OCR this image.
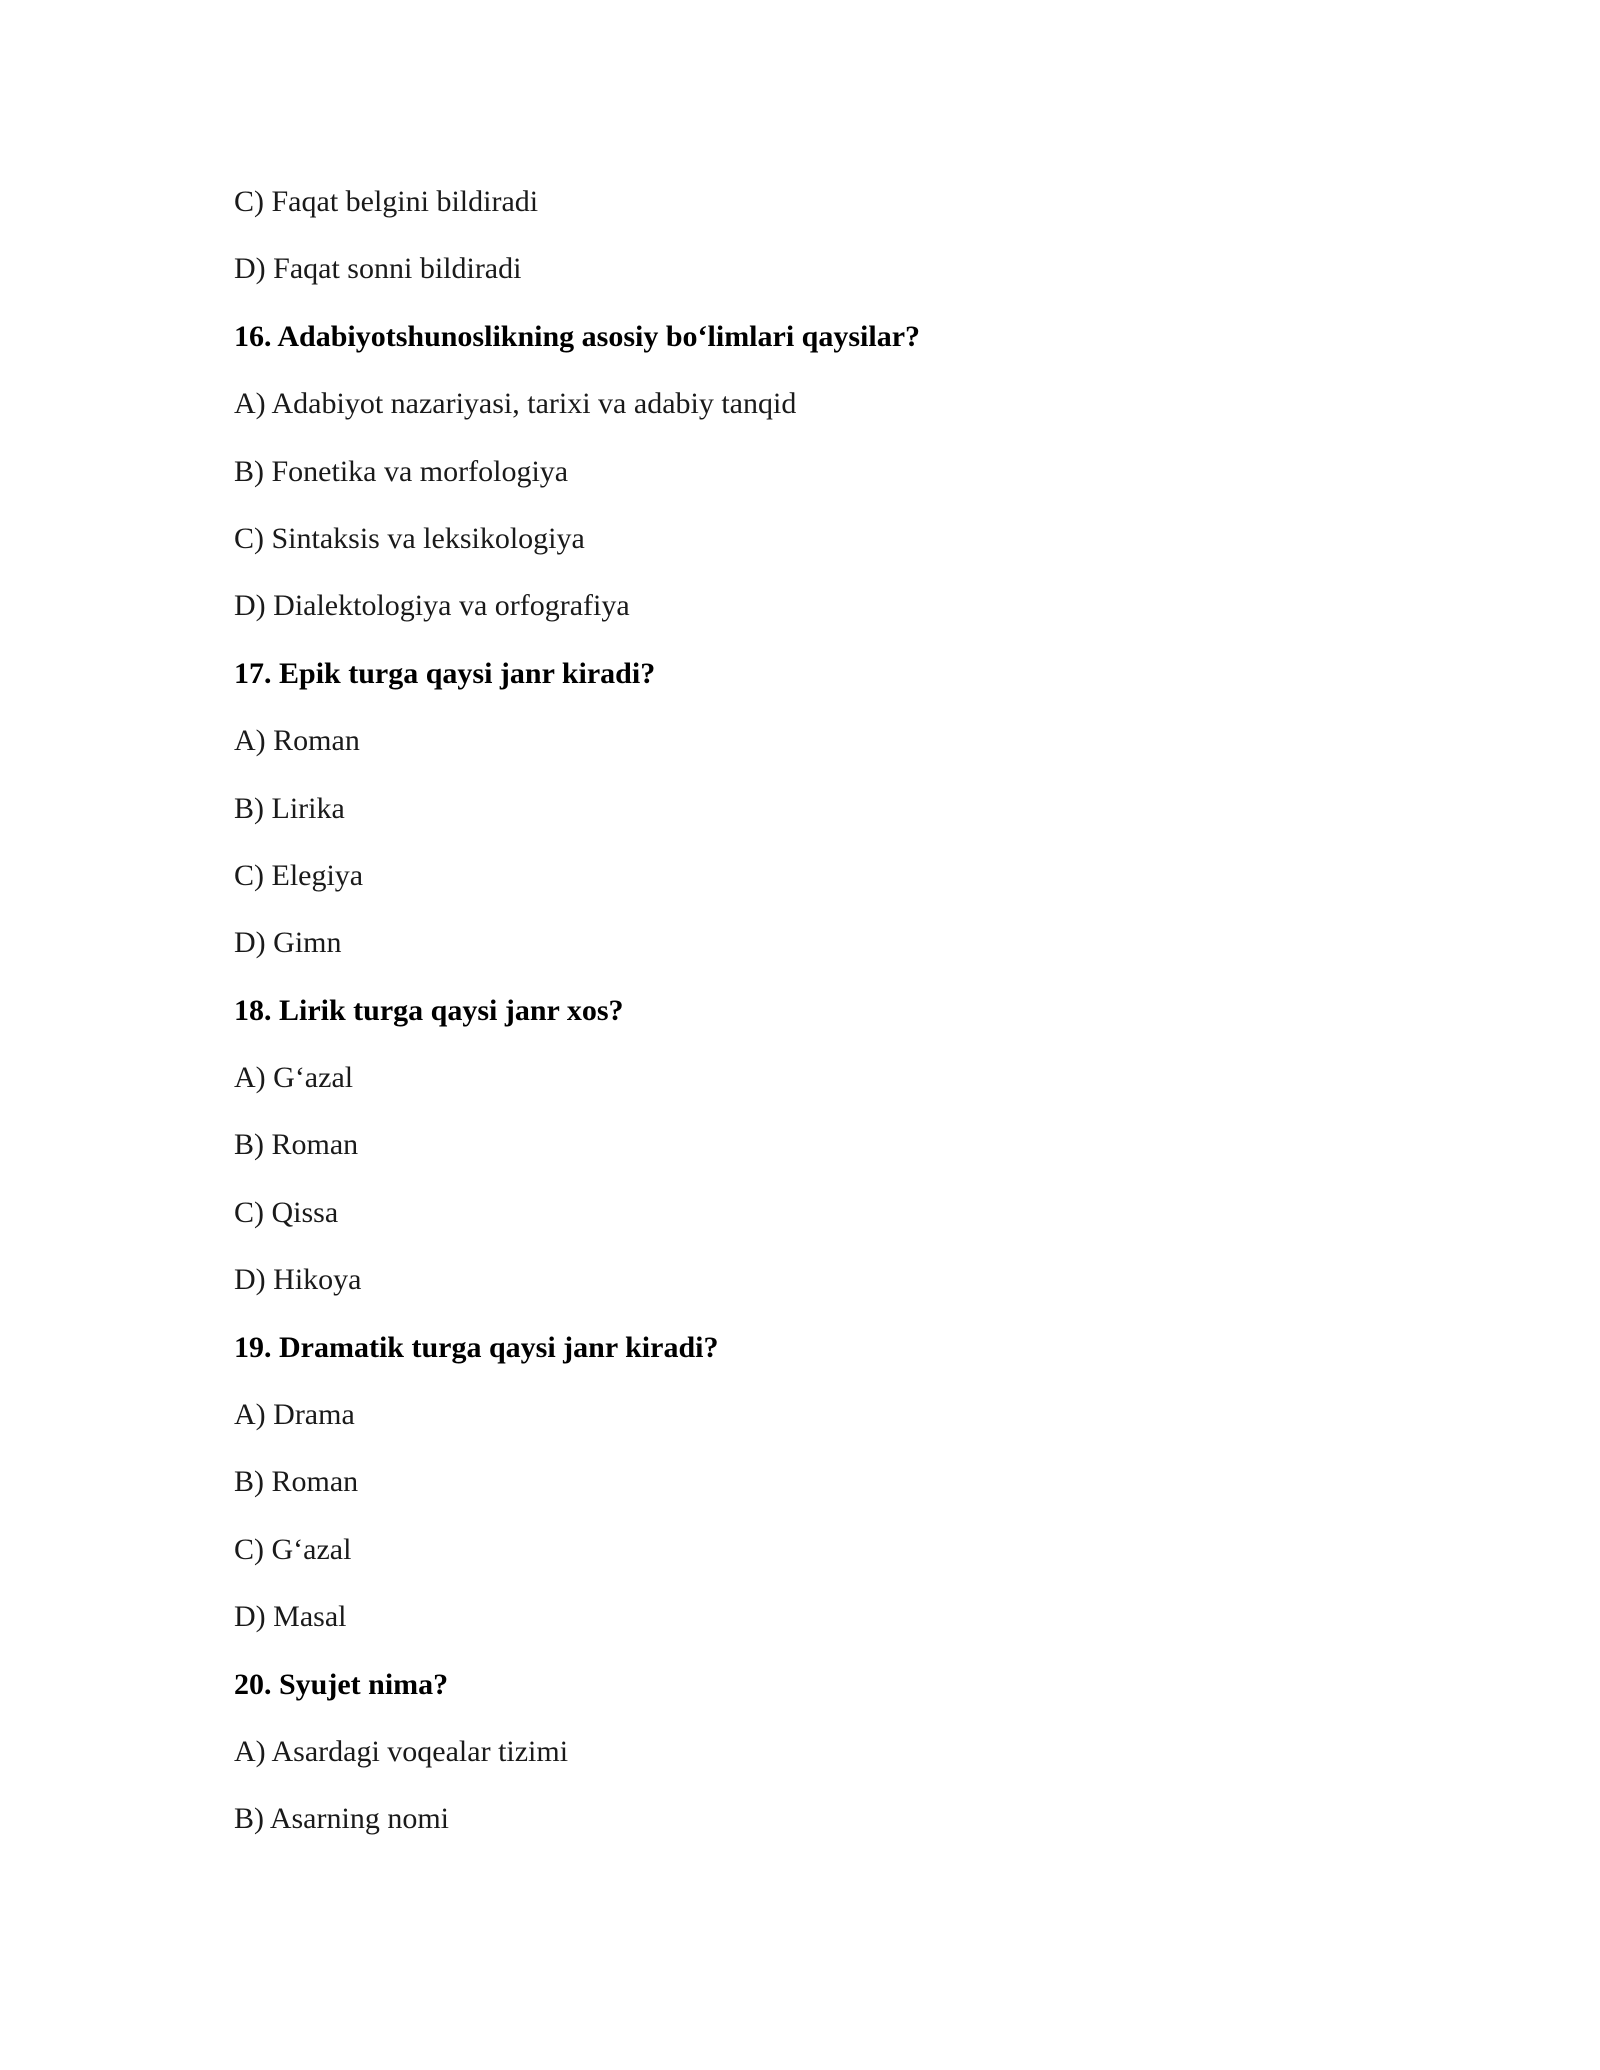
C) Faqat belgini bildiradi
D) Faqat sonni bildiradi
16. Adabiyotshunoslikning asosiy bo‘limlari qaysilar?
A) Adabiyot nazariyasi, tarixi va adabiy tanqid
B) Fonetika va morfologiya
C) Sintaksis va leksikologiya
D) Dialektologiya va orfografiya
17. Epik turga qaysi janr kiradi?
A) Roman
B) Lirika
C) Elegiya
D) Gimn
18. Lirik turga qaysi janr xos?
A) G‘azal
B) Roman
C) Qissa
D) Hikoya
19. Dramatik turga qaysi janr kiradi?
A) Drama
B) Roman
C) G‘azal
D) Masal
20. Syujet nima?
A) Asardagi voqealar tizimi
B) Asarning nomi
